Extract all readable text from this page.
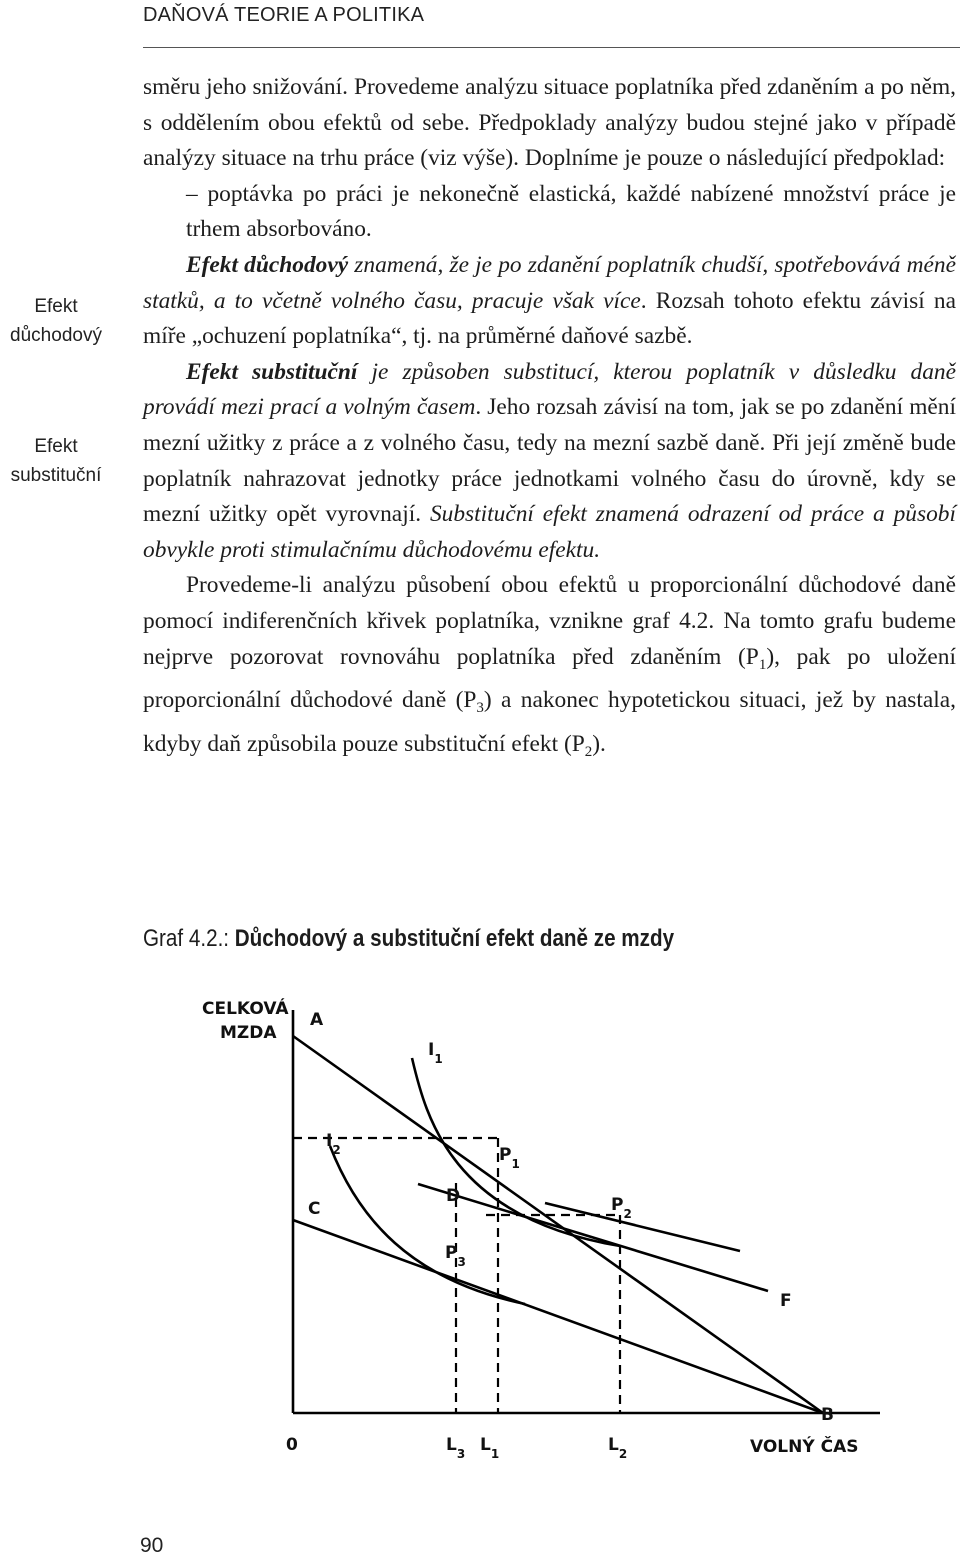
DAŇOVÁ TEORIE A POLITIKA
Efekt
důchodový
Efekt
substituční

směru jeho snižování. Provedeme analýzu situace poplatníka před zdaněním a po něm, s oddělením obou efektů od sebe. Předpoklady analýzy budou stejné jako v případě analýzy situace na trhu práce (viz výše). Doplníme je pouze o následující předpoklad:

– poptávka po práci je nekonečně elastická, každé nabízené množství práce je trhem absorbováno.

Efekt důchodový znamená, že je po zdanění poplatník chudší, spotřebovává méně statků, a to včetně volného času, pracuje však více. Rozsah tohoto efektu závisí na míře „ochuzení poplatníka“, tj. na průměrné daňové sazbě.

Efekt substituční je způsoben substitucí, kterou poplatník v důsledku daně provádí mezi prací a volným časem. Jeho rozsah závisí na tom, jak se po zdanění mění mezní užitky z práce a z volného času, tedy na mezní sazbě daně. Při její změně bude poplatník nahrazovat jednotky práce jednotkami volného času do úrovně, kdy se mezní užitky opět vyrovnají. Substituční efekt znamená odrazení od práce a působí obvykle proti stimulačnímu důchodovému efektu.

Provedeme-li analýzu působení obou efektů u proporcionální důchodové daně pomocí indiferenčních křivek poplatníka, vznikne graf 4.2. Na tomto grafu budeme nejprve pozorovat rovnováhu poplatníka před zdaněním $(P_1)$, pak po uložení proporcionální důchodové daně $(P_3)$ a nakonec hypotetickou situaci, jež by nastala, kdyby daň způsobila pouze substituční efekt $(P_2)$.

Graf 4.2.: Důchodový a substituční efekt daně ze mzdy
CELKOVÁ
MZDA
A
C
D
F
B
0
$I_1$
$I_2$	$P_1$
$P_2$
$P_3$
$L_3$ $L_1$	$L_2$	VOLNÝ ČAS
90
